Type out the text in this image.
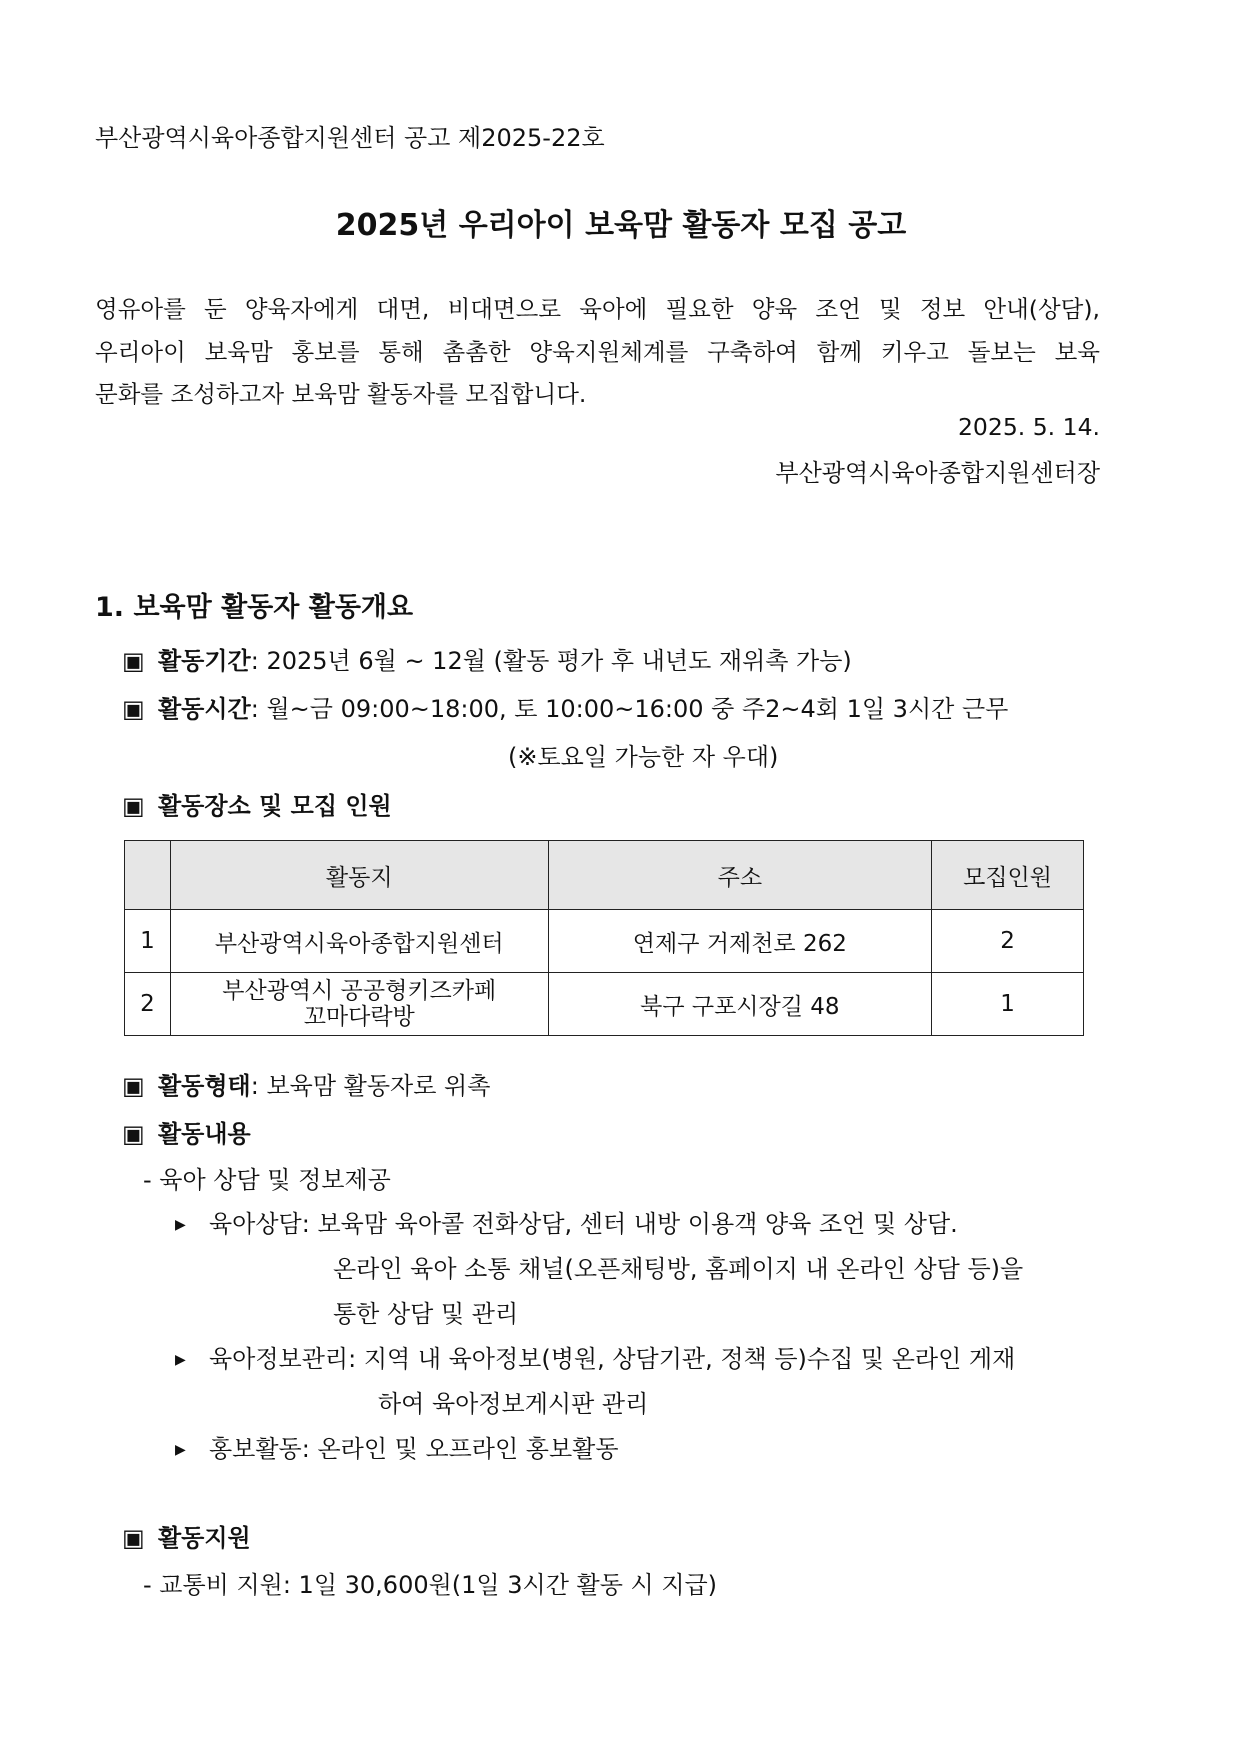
부산광역시육아종합지원센터 공고 제2025-22호
2025년 우리아이 보육맘 활동자 모집 공고
영유아를 둔 양육자에게 대면, 비대면으로 육아에 필요한 양육 조언 및 정보 안내(상담),
우리아이 보육맘 홍보를 통해 촘촘한 양육지원체계를 구축하여 함께 키우고 돌보는 보육
문화를 조성하고자 보육맘 활동자를 모집합니다.
2025. 5. 14.
부산광역시육아종합지원센터장
1. 보육맘 활동자 활동개요
▣ 활동기간: 2025년 6월 ~ 12월 (활동 평가 후 내년도 재위촉 가능)
▣ 활동시간: 월~금 09:00~18:00, 토 10:00~16:00 중 주2~4회 1일 3시간 근무
(※토요일 가능한 자 우대)
▣ 활동장소 및 모집 인원
	활동지	주소	모집인원
1	부산광역시육아종합지원센터	연제구 거제천로 262	2
2	부산광역시 공공형키즈카페
꼬마다락방	북구 구포시장길 48	1
▣ 활동형태: 보육맘 활동자로 위촉
▣ 활동내용
- 육아 상담 및 정보제공
▶ 육아상담: 보육맘 육아콜 전화상담, 센터 내방 이용객 양육 조언 및 상담.
온라인 육아 소통 채널(오픈채팅방, 홈페이지 내 온라인 상담 등)을
통한 상담 및 관리
▶ 육아정보관리: 지역 내 육아정보(병원, 상담기관, 정책 등)수집 및 온라인 게재
하여 육아정보게시판 관리
▶ 홍보활동: 온라인 및 오프라인 홍보활동
▣ 활동지원
- 교통비 지원: 1일 30,600원(1일 3시간 활동 시 지급)
